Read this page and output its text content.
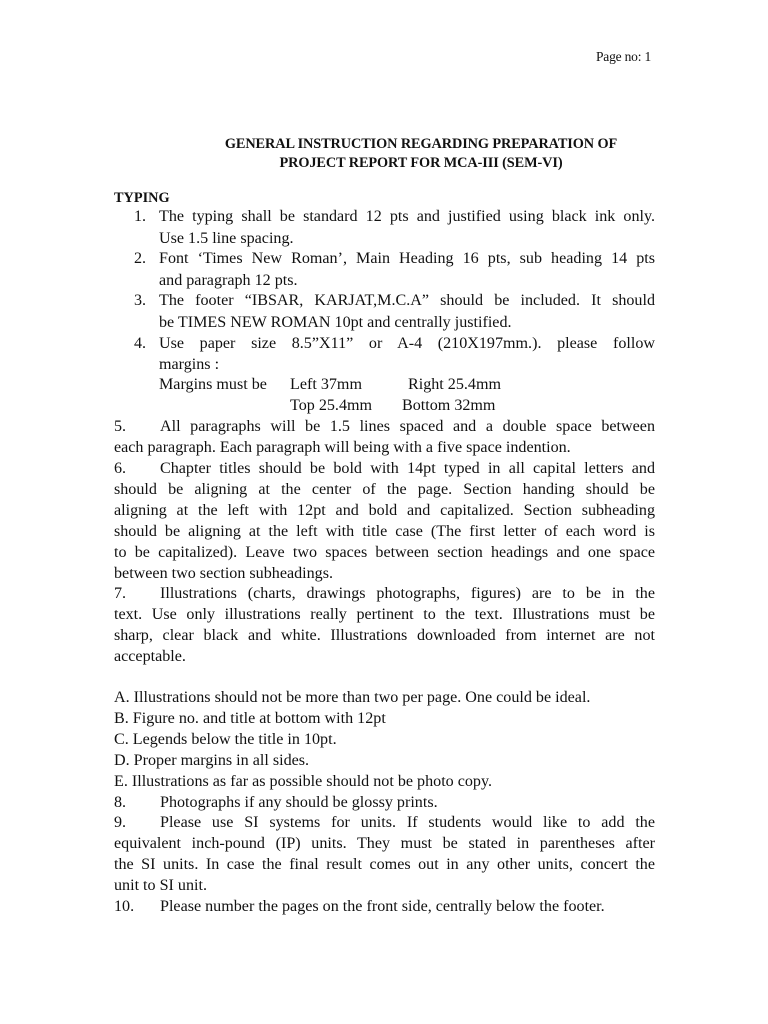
Page no: 1
GENERAL INSTRUCTION REGARDING PREPARATION OF
PROJECT REPORT FOR MCA-III (SEM-VI)
TYPING
1. The typing shall be standard 12 pts and justified using black ink only.
Use 1.5 line spacing.
2. Font ‘Times New Roman’, Main Heading 16 pts, sub heading 14 pts
and paragraph 12 pts.
3. The footer “IBSAR, KARJAT,M.C.A” should be included. It should
be TIMES NEW ROMAN 10pt and centrally justified.
4. Use paper size 8.5”X11” or A-4 (210X197mm.). please follow
margins :
Margins must be Left 37mm	Right 25.4mm
Top 25.4mm Bottom 32mm
5. All paragraphs will be 1.5 lines spaced and a double space between
each paragraph. Each paragraph will being with a five space indention.
6. Chapter titles should be bold with 14pt typed in all capital letters and
should be aligning at the center of the page. Section handing should be
aligning at the left with 12pt and bold and capitalized. Section subheading
should be aligning at the left with title case (The first letter of each word is
to be capitalized). Leave two spaces between section headings and one space
between two section subheadings.
7. Illustrations (charts, drawings photographs, figures) are to be in the
text. Use only illustrations really pertinent to the text. Illustrations must be
sharp, clear black and white. Illustrations downloaded from internet are not
acceptable.
A. Illustrations should not be more than two per page. One could be ideal.
B. Figure no. and title at bottom with 12pt
C. Legends below the title in 10pt.
D. Proper margins in all sides.
E. Illustrations as far as possible should not be photo copy.
8. Photographs if any should be glossy prints.
9. Please use SI systems for units. If students would like to add the
equivalent inch-pound (IP) units. They must be stated in parentheses after
the SI units. In case the final result comes out in any other units, concert the
unit to SI unit.
10. Please number the pages on the front side, centrally below the footer.
